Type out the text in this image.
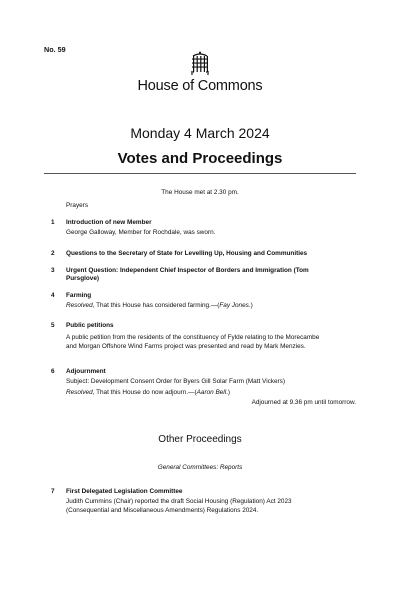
No. 59
House of Commons
Monday 4 March 2024
Votes and Proceedings
The House met at 2.30 pm.
Prayers
1 Introduction of new Member

George Galloway, Member for Rochdale, was sworn.

2 Questions to the Secretary of State for Levelling Up, Housing and Communities
3 Urgent Question: Independent Chief Inspector of Borders and Immigration (Tom Pursglove)
4 Farming

Resolved, That this House has considered farming.—(Fay Jones.)

5 Public petitions

A public petition from the residents of the constituency of Fylde relating to the Morecambe and Morgan Offshore Wind Farms project was presented and read by Mark Menzies.

6 Adjournment

Subject: Development Consent Order for Byers Gill Solar Farm (Matt Vickers)

Resolved, That this House do now adjourn.—(Aaron Bell.)

Adjourned at 9.36 pm until tomorrow.
Other Proceedings
General Committees: Reports
7 First Delegated Legislation Committee

Judith Cummins (Chair) reported the draft Social Housing (Regulation) Act 2023 (Consequential and Miscellaneous Amendments) Regulations 2024.
